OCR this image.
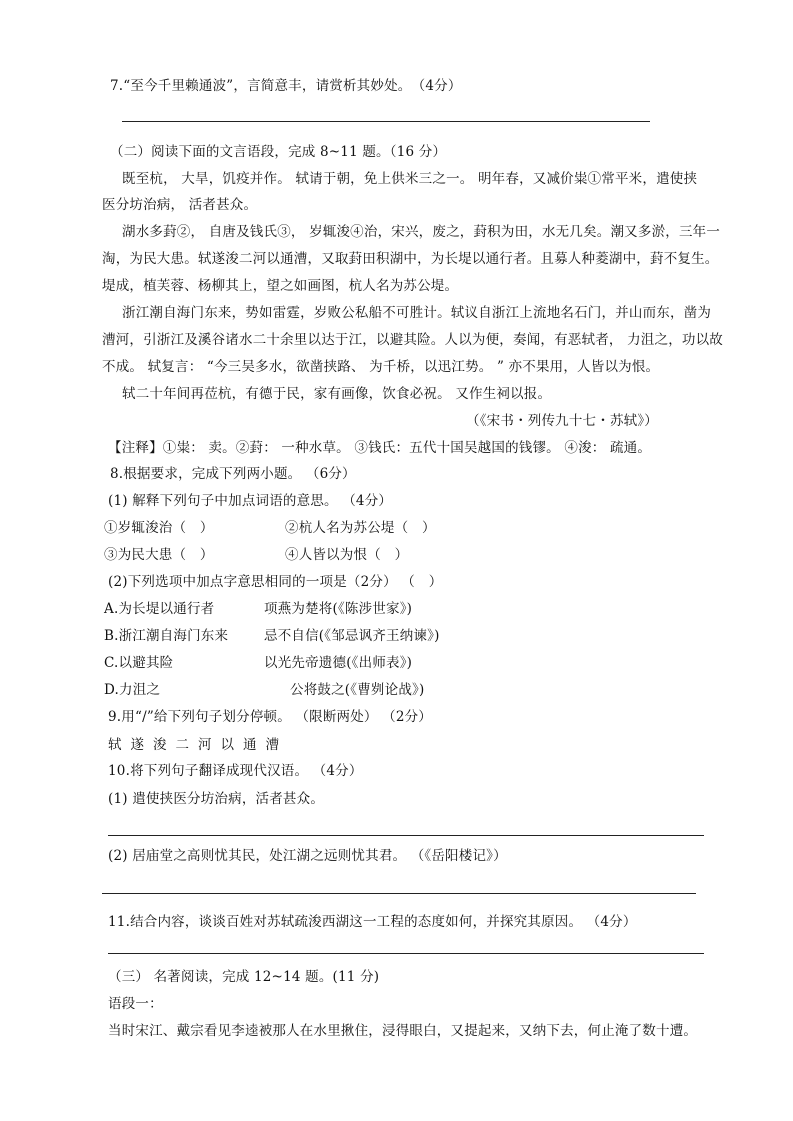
7.“至今千里赖通波”，言简意丰，请赏析其妙处。　（4分）
（二）阅读下面的文言语段，完成 8~11 题。（16 分）
既至杭， 大旱，饥疫并作。 轼请于朝，免上供米三之一。 明年春，又减价粜①常平米，遣使挟
医分坊治病， 活者甚众。
湖水多葑②， 自唐及钱氏③， 岁辄浚④治，宋兴，废之，葑积为田，水无几矣。潮又多淤，三年一
淘，为民大患。轼遂浚二河以通漕，又取葑田积湖中，为长堤以通行者。且募人种菱湖中，葑不复生。
堤成，植芙蓉、杨柳其上，望之如画图，杭人名为苏公堤。
浙江潮自海门东来，势如雷霆，岁败公私船不可胜计。轼议自浙江上流地名石门，并山而东，凿为
漕河，引浙江及溪谷诸水二十余里以达于江，以避其险。人以为便，奏闻，有恶轼者， 力沮之，功以故
不成。 轼复言： “今三吴多水，欲凿挟路、 为千桥，以迅江势。 ” 亦不果用，人皆以为恨。
轼二十年间再莅杭，有德于民，家有画像，饮食必祝。 又作生祠以报。
（《宋书・列传九十七・苏轼》）
【注释】①粜： 卖。②葑： 一种水草。 ③钱氏：五代十国吴越国的钱镠。 ④浚： 疏通。
8.根据要求，完成下列两小题。 （6分）
(1) 解释下列句子中加点词语的意思。 （4分）
①岁辄浚治（　）	②杭人名为苏公堤（　）
③为民大患（　）	④人皆以为恨（　）
(2)下列选项中加点字意思相同的一项是（2分） （　）
A.为长堤以通行者	项燕为楚将(《陈涉世家》)
B.浙江潮自海门东来	忌不自信(《邹忌讽齐王纳谏》)
C.以避其险	以光先帝遗德(《出师表》)
D.力沮之	公将鼓之(《曹刿论战》)
9.用“/”给下列句子划分停顿。 （限断两处） （2分）
轼遂浚二河以通漕
10.将下列句子翻译成现代汉语。 （4分）
(1) 遣使挟医分坊治病，活者甚众。
(2) 居庙堂之高则忧其民，处江湖之远则忧其君。 （《岳阳楼记》）
11.结合内容，谈谈百姓对苏轼疏浚西湖这一工程的态度如何，并探究其原因。 （4分）
（三） 名著阅读，完成 12~14 题。(11 分)
语段一：
当时宋江、戴宗看见李逵被那人在水里揪住，浸得眼白，又提起来，又纳下去，何止淹了数十遭。
